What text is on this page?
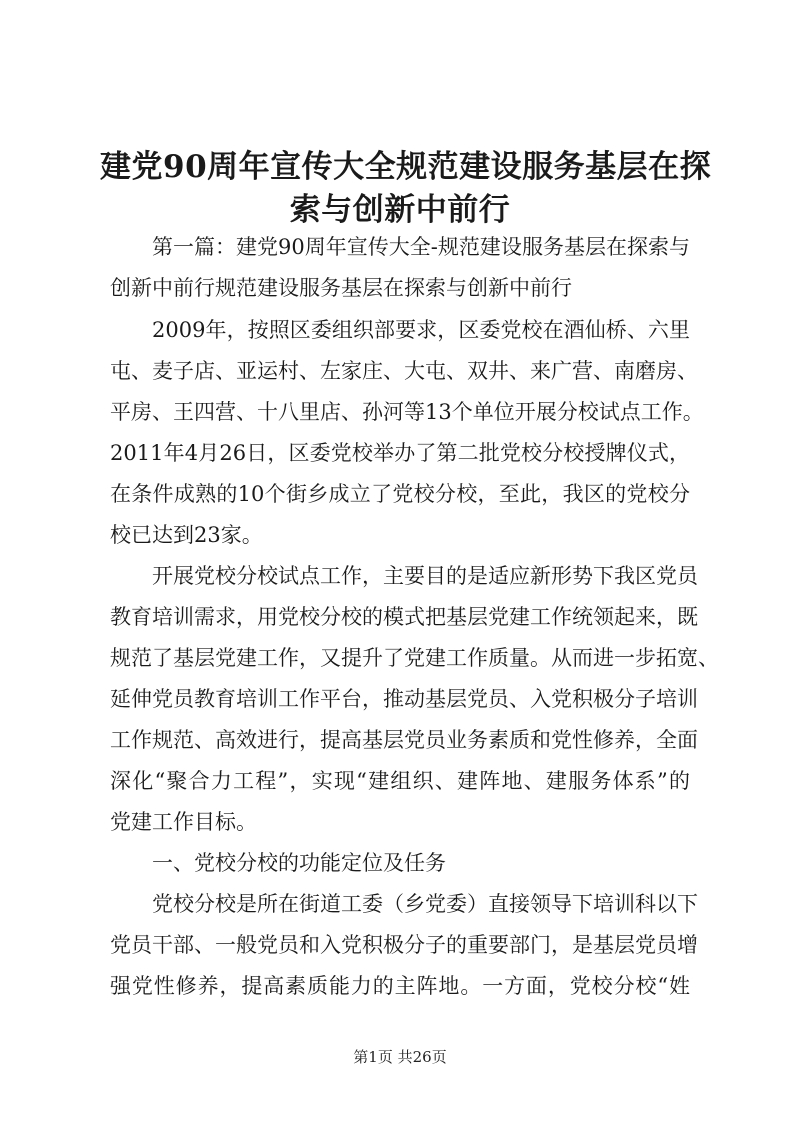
建党90周年宣传大全规范建设服务基层在探
索与创新中前行

第一篇：建党90周年宣传大全-规范建设服务基层在探索与

创新中前行规范建设服务基层在探索与创新中前行

2009年，按照区委组织部要求，区委党校在酒仙桥、六里

屯、麦子店、亚运村、左家庄、大屯、双井、来广营、南磨房、

平房、王四营、十八里店、孙河等13个单位开展分校试点工作。

2011年4月26日，区委党校举办了第二批党校分校授牌仪式，

在条件成熟的10个街乡成立了党校分校，至此，我区的党校分

校已达到23家。

开展党校分校试点工作，主要目的是适应新形势下我区党员

教育培训需求，用党校分校的模式把基层党建工作统领起来，既

规范了基层党建工作，又提升了党建工作质量。从而进一步拓宽、

延伸党员教育培训工作平台，推动基层党员、入党积极分子培训

工作规范、高效进行，提高基层党员业务素质和党性修养，全面

深化“聚合力工程”，实现“建组织、建阵地、建服务体系”的

党建工作目标。

一、党校分校的功能定位及任务

党校分校是所在街道工委（乡党委）直接领导下培训科以下

党员干部、一般党员和入党积极分子的重要部门，是基层党员增

强党性修养，提高素质能力的主阵地。一方面，党校分校“姓

第1页 共26页
